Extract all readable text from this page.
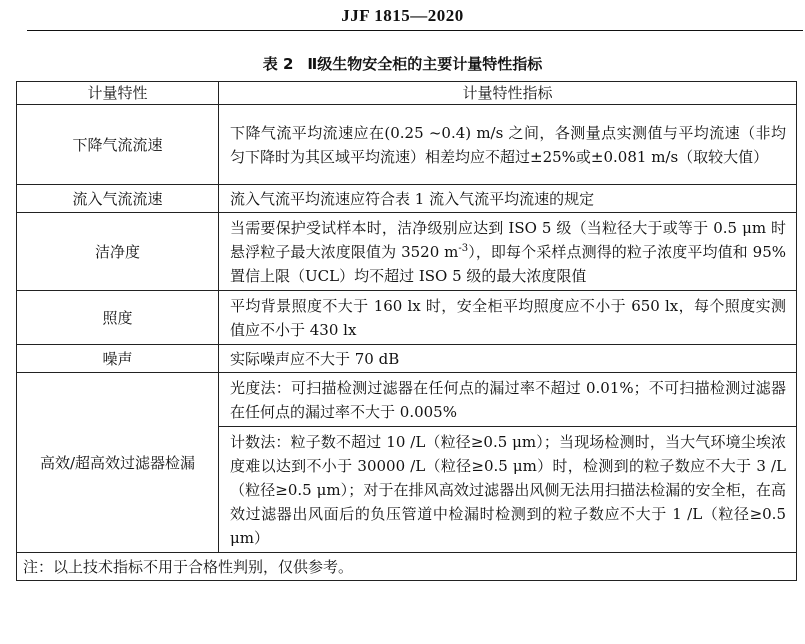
JJF 1815—2020
表 2 Ⅱ级生物安全柜的主要计量特性指标
计量特性	计量特性指标
下降气流流速	下降气流平均流速应在(0.25 ~0.4) m/s 之间，各测量点实测值与平均流速（非均匀下降时为其区域平均流速）相差均应不超过±25%或±0.081 m/s（取较大值）
流入气流流速	流入气流平均流速应符合表 1 流入气流平均流速的规定
洁净度	当需要保护受试样本时，洁净级别应达到 ISO 5 级（当粒径大于或等于 0.5 μm 时悬浮粒子最大浓度限值为 3520 $m^{-3}$），即每个采样点测得的粒子浓度平均值和 95%置信上限（UCL）均不超过 ISO 5 级的最大浓度限值
照度	平均背景照度不大于 160 lx 时，安全柜平均照度应不小于 650 lx，每个照度实测值应不小于 430 lx
噪声	实际噪声应不大于 70 dB
高效/超高效过滤器检漏	光度法：可扫描检测过滤器在任何点的漏过率不超过 0.01%；不可扫描检测过滤器在任何点的漏过率不大于 0.005%
	计数法：粒子数不超过 10 /L（粒径≥0.5 μm）；当现场检测时，当大气环境尘埃浓度难以达到不小于 30000 /L（粒径≥0.5 μm）时，检测到的粒子数应不大于 3 /L（粒径≥0.5 μm）；对于在排风高效过滤器出风侧无法用扫描法检漏的安全柜，在高效过滤器出风面后的负压管道中检漏时检测到的粒子数应不大于 1 /L（粒径≥0.5 μm）
注：以上技术指标不用于合格性判别，仅供参考。	
